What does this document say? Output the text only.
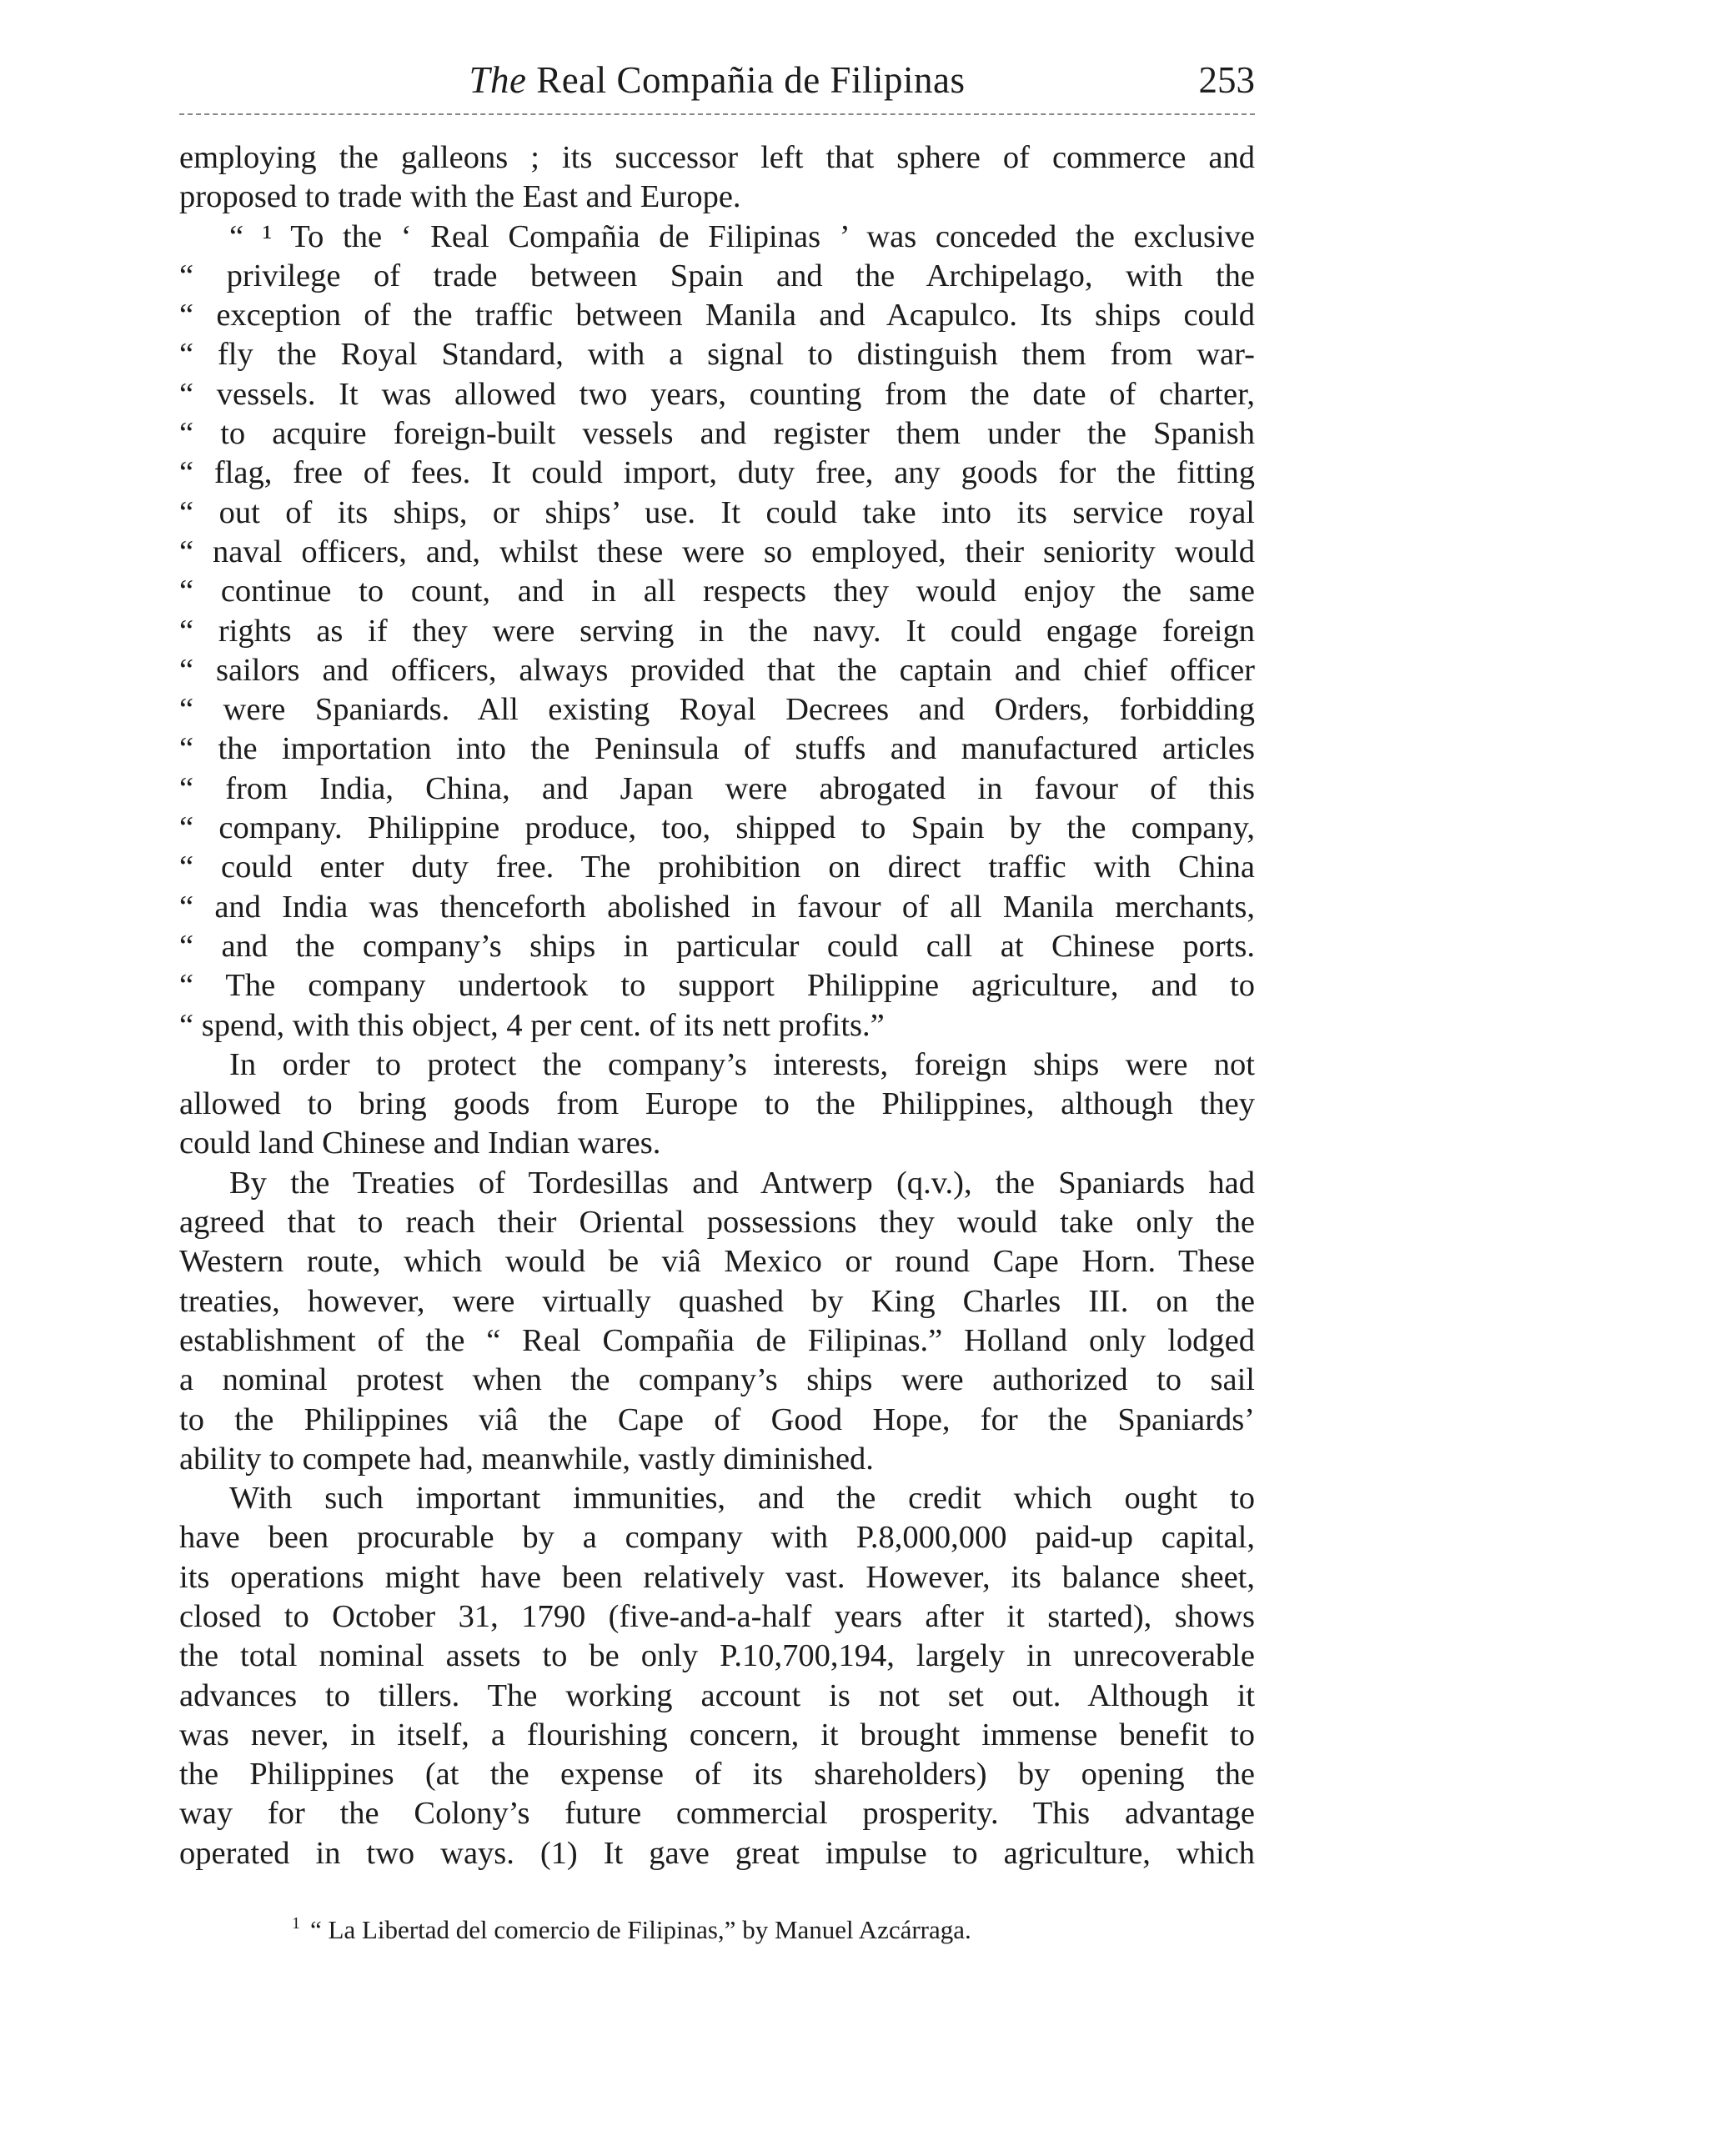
The Real Compañia de Filipinas	253
employing the galleons ; its successor left that sphere of commerce and
proposed to trade with the East and Europe.
“ ¹ To the ‘ Real Compañia de Filipinas ’ was conceded the exclusive
“ privilege of trade between Spain and the Archipelago, with the
“ exception of the traffic between Manila and Acapulco. Its ships could
“ fly the Royal Standard, with a signal to distinguish them from war-
“ vessels. It was allowed two years, counting from the date of charter,
“ to acquire foreign-built vessels and register them under the Spanish
“ flag, free of fees. It could import, duty free, any goods for the fitting
“ out of its ships, or ships’ use. It could take into its service royal
“ naval officers, and, whilst these were so employed, their seniority would
“ continue to count, and in all respects they would enjoy the same
“ rights as if they were serving in the navy. It could engage foreign
“ sailors and officers, always provided that the captain and chief officer
“ were Spaniards. All existing Royal Decrees and Orders, forbidding
“ the importation into the Peninsula of stuffs and manufactured articles
“ from India, China, and Japan were abrogated in favour of this
“ company. Philippine produce, too, shipped to Spain by the company,
“ could enter duty free. The prohibition on direct traffic with China
“ and India was thenceforth abolished in favour of all Manila merchants,
“ and the company’s ships in particular could call at Chinese ports.
“ The company undertook to support Philippine agriculture, and to
“ spend, with this object, 4 per cent. of its nett profits.”
In order to protect the company’s interests, foreign ships were not
allowed to bring goods from Europe to the Philippines, although they
could land Chinese and Indian wares.
By the Treaties of Tordesillas and Antwerp (q.v.), the Spaniards had
agreed that to reach their Oriental possessions they would take only the
Western route, which would be viâ Mexico or round Cape Horn. These
treaties, however, were virtually quashed by King Charles III. on the
establishment of the “ Real Compañia de Filipinas.” Holland only lodged
a nominal protest when the company’s ships were authorized to sail
to the Philippines viâ the Cape of Good Hope, for the Spaniards’
ability to compete had, meanwhile, vastly diminished.
With such important immunities, and the credit which ought to
have been procurable by a company with P.8,000,000 paid-up capital,
its operations might have been relatively vast. However, its balance sheet,
closed to October 31, 1790 (five-and-a-half years after it started), shows
the total nominal assets to be only P.10,700,194, largely in unrecoverable
advances to tillers. The working account is not set out. Although it
was never, in itself, a flourishing concern, it brought immense benefit to
the Philippines (at the expense of its shareholders) by opening the
way for the Colony’s future commercial prosperity. This advantage
operated in two ways. (1) It gave great impulse to agriculture, which
$^1$ “ La Libertad del comercio de Filipinas,” by Manuel Azcárraga.
